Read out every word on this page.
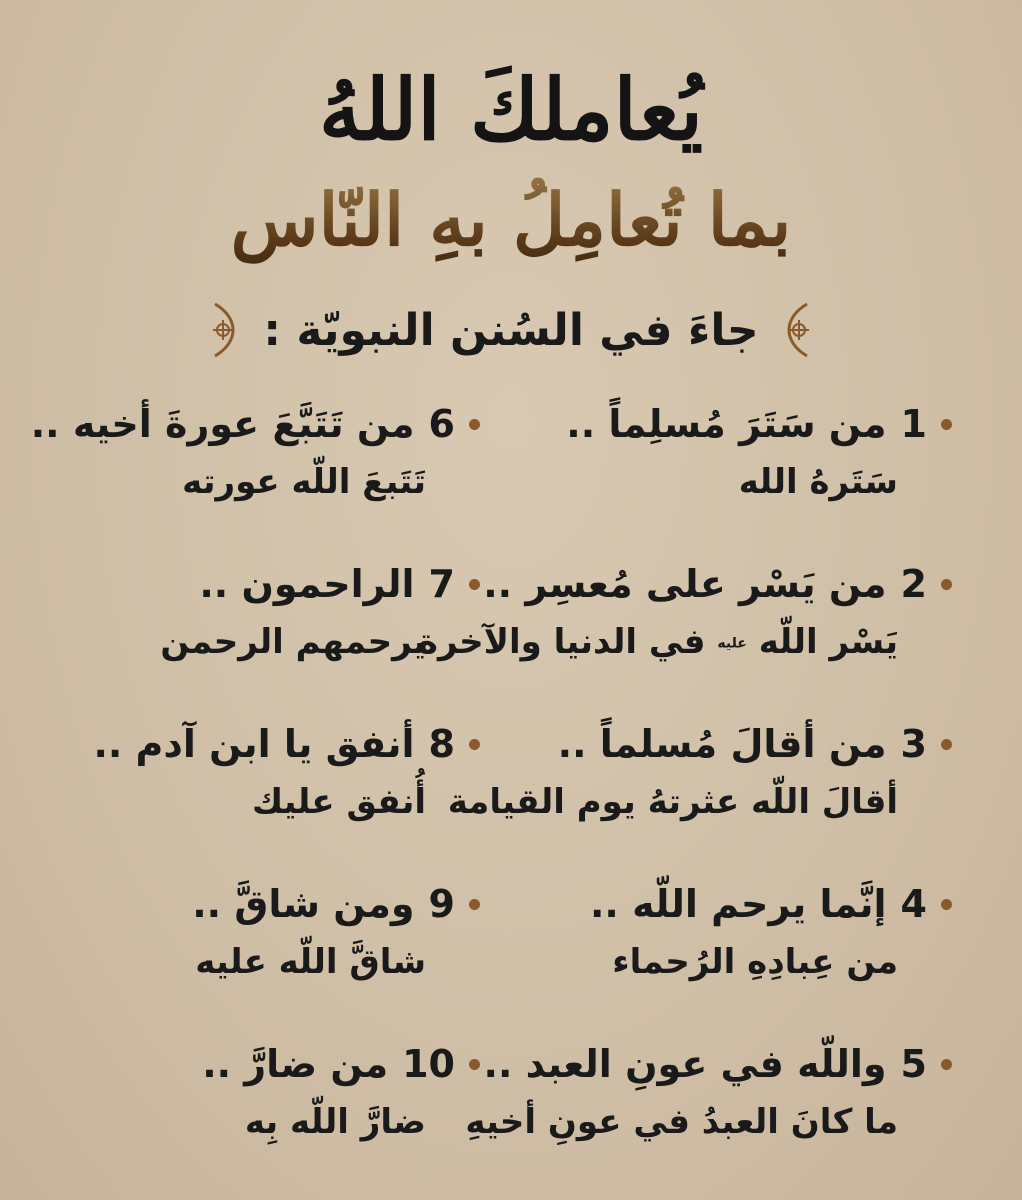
يُعاملكَ اللهُ
بما تُعامِلُ بهِ النّاس
جاءَ في السُنن النبويّة :
1
من سَتَرَ مُسلِماً ..
سَتَرهُ الله
2
من يَسْر على مُعسِر ..
يَسْر اللّه عليه في الدنيا والآخرة
3
من أقالَ مُسلماً ..
أقالَ اللّه عثرتهُ يوم القيامة
4
إنَّما يرحم اللّه ..
من عِبادِهِ الرُحماء
5
واللّه في عونِ العبد ..
ما كانَ العبدُ في عونِ أخيهِ
6
من تَتَبَّعَ عورةَ أخيه ..
تَتَبعَ اللّه عورته
7
الراحمون ..
يرحمهم الرحمن
8
أنفق يا ابن آدم ..
أُنفق عليك
9
ومن شاقَّ ..
شاقَّ اللّه عليه
10
من ضارَّ ..
ضارَّ اللّه بِه
